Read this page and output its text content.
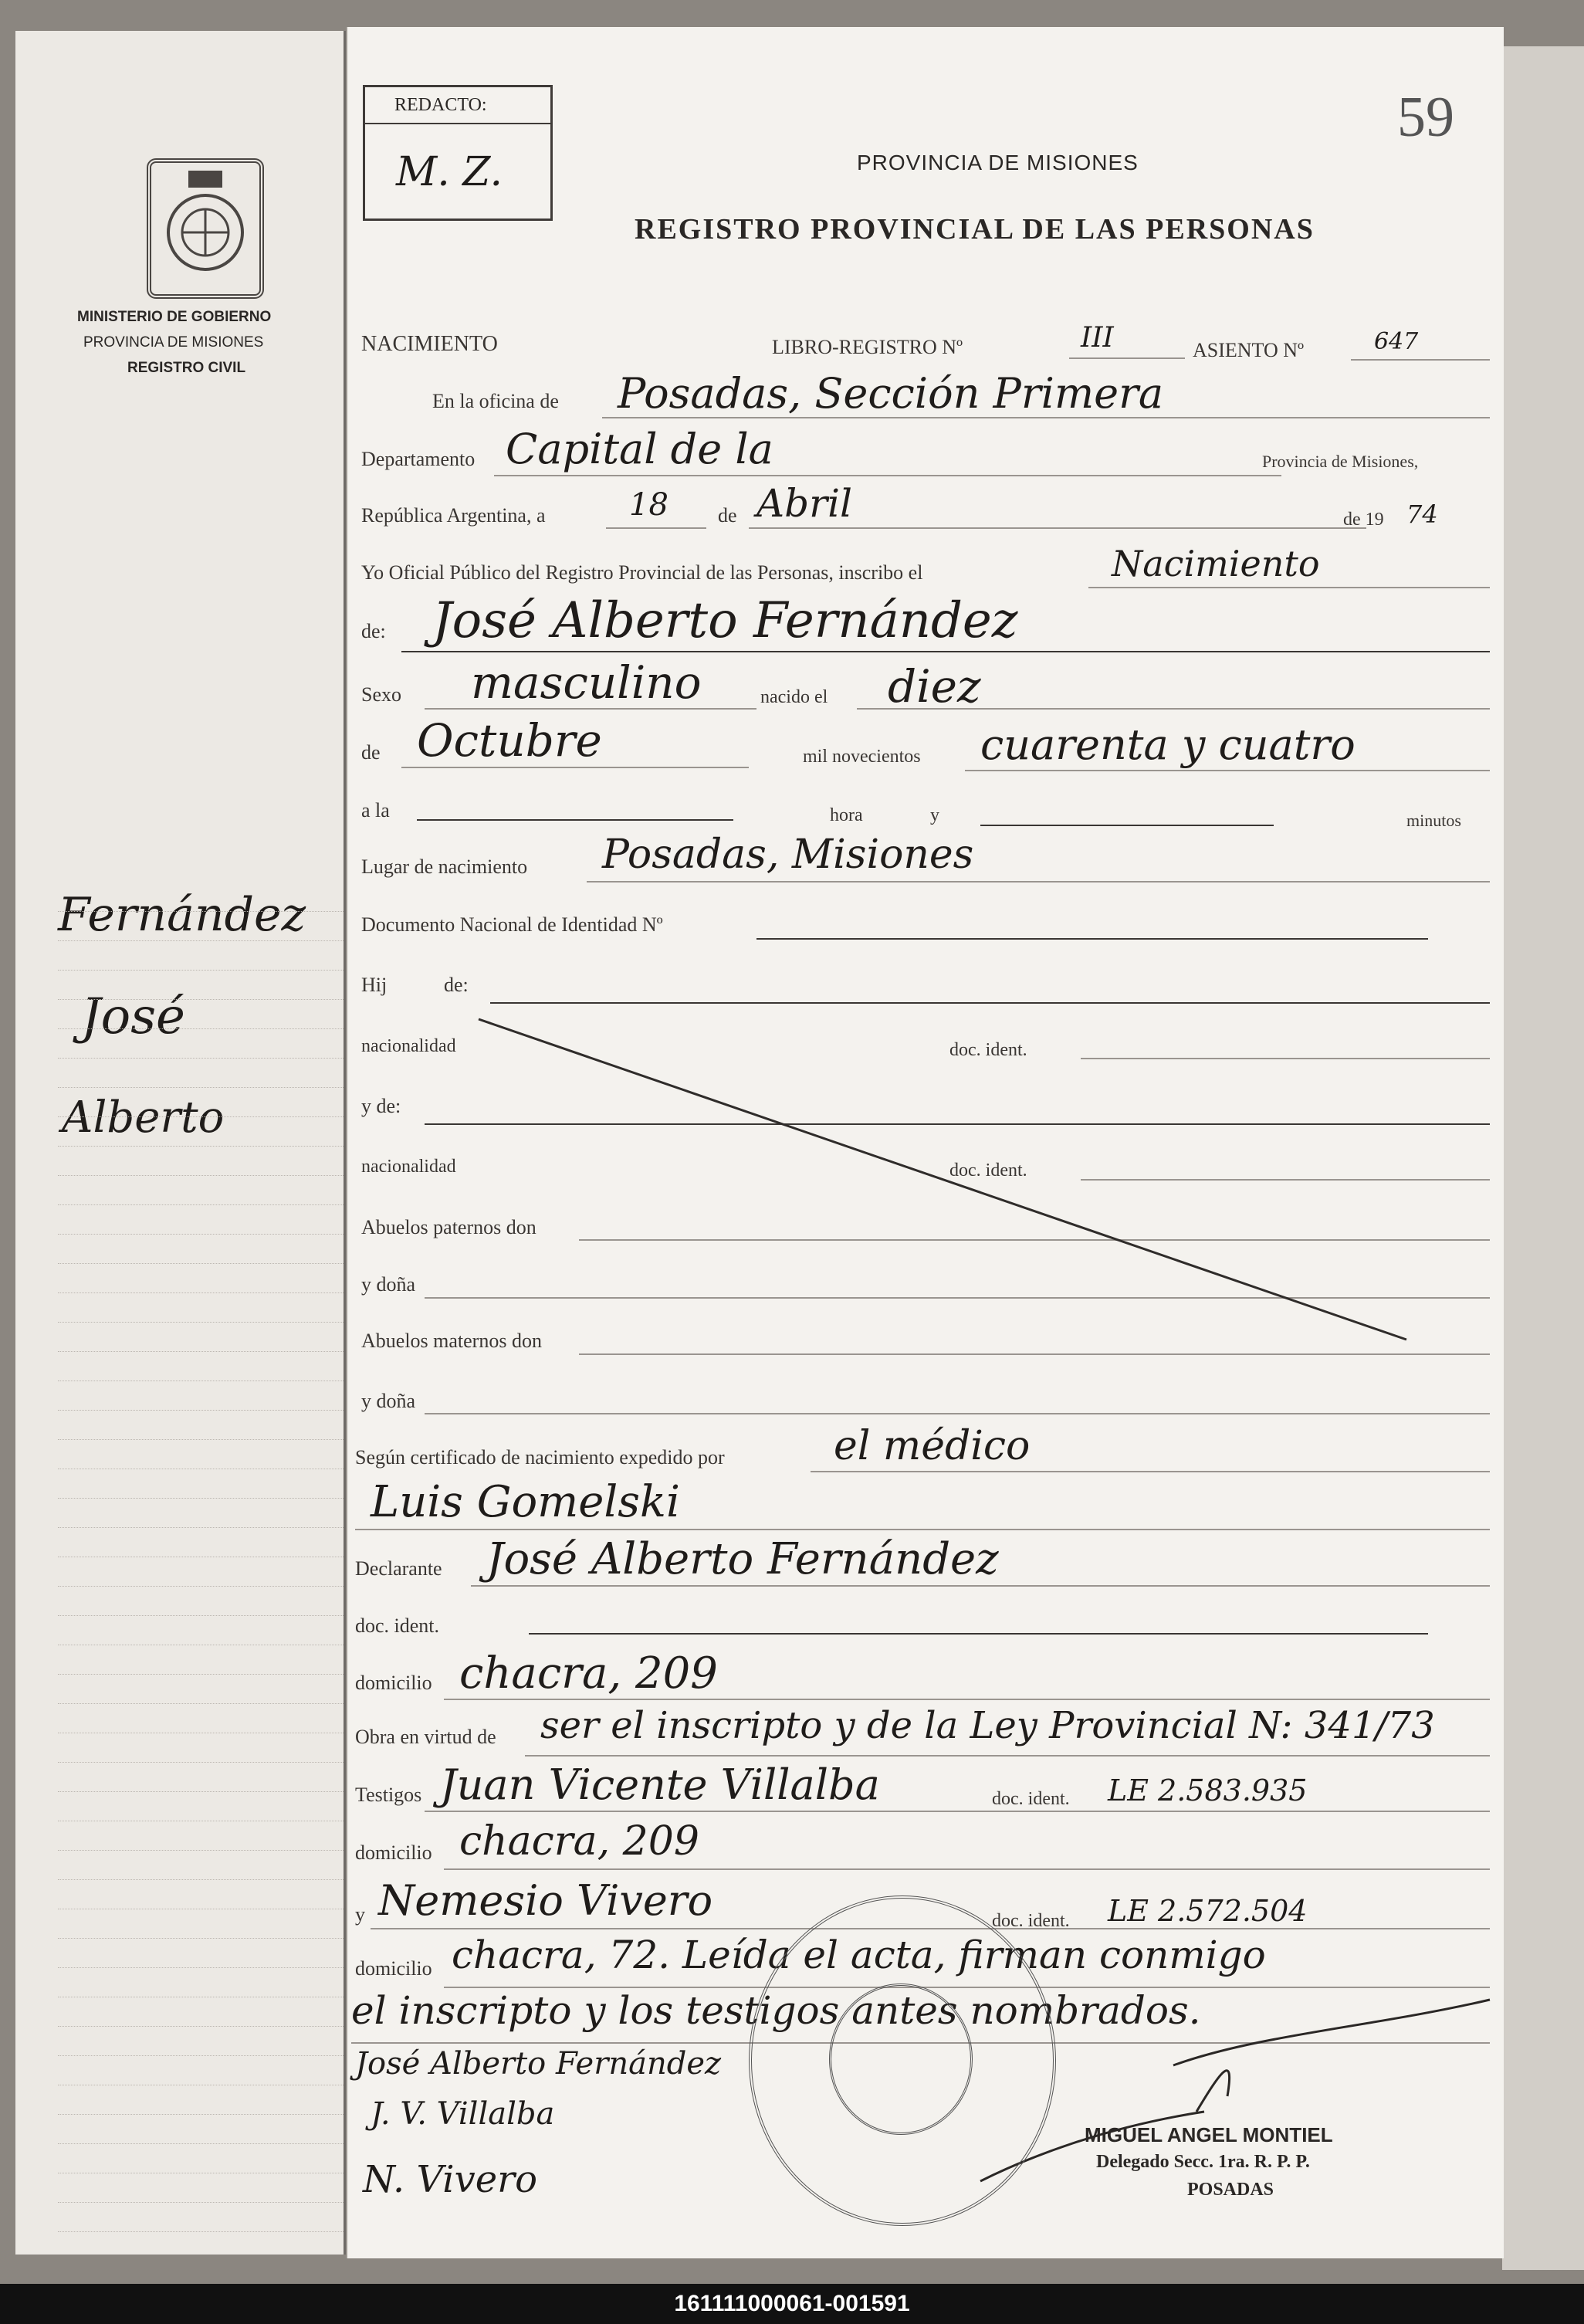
MINISTERIO DE GOBIERNO
PROVINCIA DE MISIONES
REGISTRO CIVIL
Fernández
José
Alberto
REDACTO:
M. Z.
59
PROVINCIA DE MISIONES
REGISTRO PROVINCIAL DE LAS PERSONAS
NACIMIENTO	LIBRO-REGISTRO Nº	III	ASIENTO Nº	647
En la oficina de Posadas, Sección Primera
Departamento Capital de la	Provincia de Misiones,
República Argentina, a	18 de Abril	de 19 74
Yo Oficial Público del Registro Provincial de las Personas, inscribo el	Nacimiento
de: José Alberto Fernández
Sexo masculino	nacido el diez
de Octubre	mil novecientos cuarenta y cuatro
a la	hora	y	minutos
Lugar de nacimiento Posadas, Misiones
Documento Nacional de Identidad Nº
Hij	de:
nacionalidad	doc. ident.
y de:
nacionalidad	doc. ident.
Abuelos paternos don
y doña
Abuelos maternos don
y doña
Según certificado de nacimiento expedido por	el médico
Luis Gomelski
Declarante José Alberto Fernández
doc. ident.
domicilio chacra, 209
Obra en virtud de ser el inscripto y de la Ley Provincial N: 341/73
Testigos Juan Vicente Villalba	doc. ident. LE 2.583.935
domicilio chacra, 209
y Nemesio Vivero	doc. ident. LE 2.572.504
domicilio chacra, 72. Leída el acta, firman conmigo
el inscripto y los testigos antes nombrados.
José Alberto Fernández
J. V. Villalba
N. Vivero
MIGUEL ANGEL MONTIEL
Delegado Secc. 1ra. R. P. P.
POSADAS
161111000061-001591
